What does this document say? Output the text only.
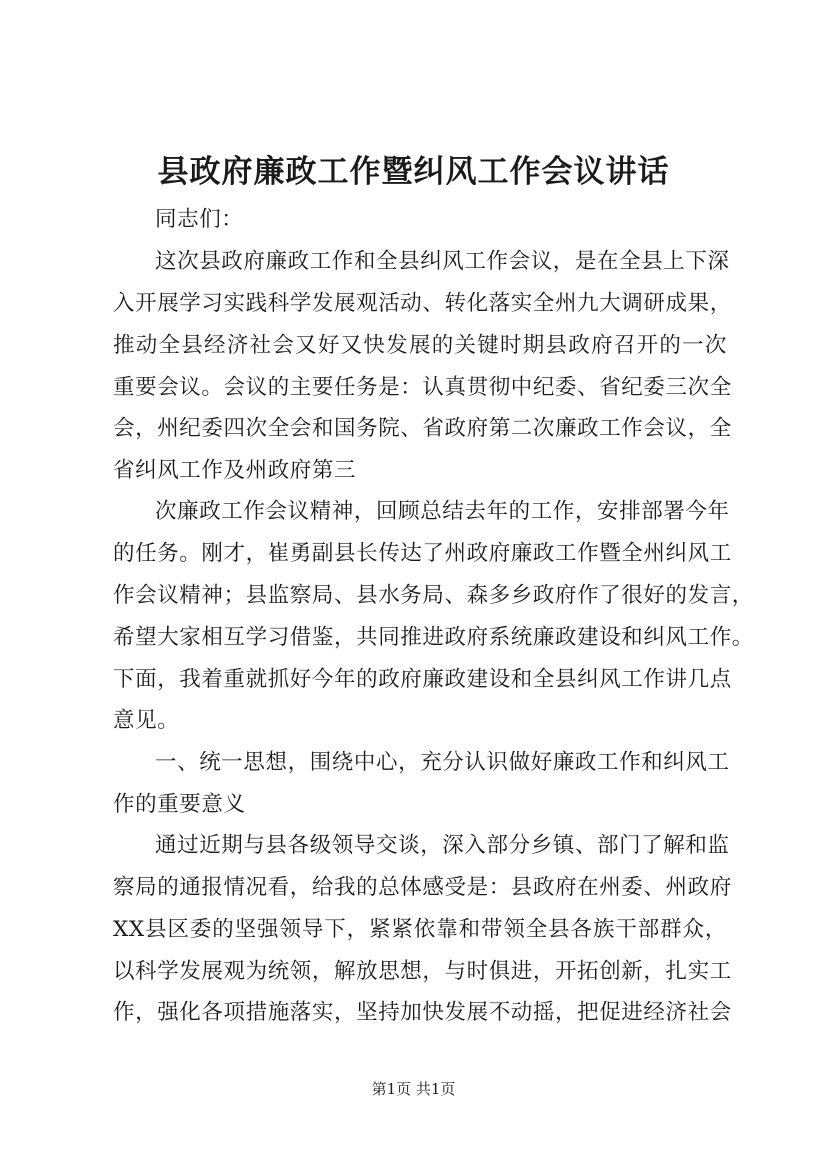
县政府廉政工作暨纠风工作会议讲话
同志们：
这次县政府廉政工作和全县纠风工作会议，是在全县上下深
入开展学习实践科学发展观活动、转化落实全州九大调研成果，
推动全县经济社会又好又快发展的关键时期县政府召开的一次
重要会议。会议的主要任务是：认真贯彻中纪委、省纪委三次全
会，州纪委四次全会和国务院、省政府第二次廉政工作会议，全
省纠风工作及州政府第三
次廉政工作会议精神，回顾总结去年的工作，安排部署今年
的任务。刚才，崔勇副县长传达了州政府廉政工作暨全州纠风工
作会议精神；县监察局、县水务局、森多乡政府作了很好的发言，
希望大家相互学习借鉴，共同推进政府系统廉政建设和纠风工作。
下面，我着重就抓好今年的政府廉政建设和全县纠风工作讲几点
意见。
一、统一思想，围绕中心，充分认识做好廉政工作和纠风工
作的重要意义
通过近期与县各级领导交谈，深入部分乡镇、部门了解和监
察局的通报情况看，给我的总体感受是：县政府在州委、州政府
XX县区委的坚强领导下，紧紧依靠和带领全县各族干部群众，
以科学发展观为统领，解放思想，与时俱进，开拓创新，扎实工
作，强化各项措施落实，坚持加快发展不动摇，把促进经济社会
第1页 共1页
